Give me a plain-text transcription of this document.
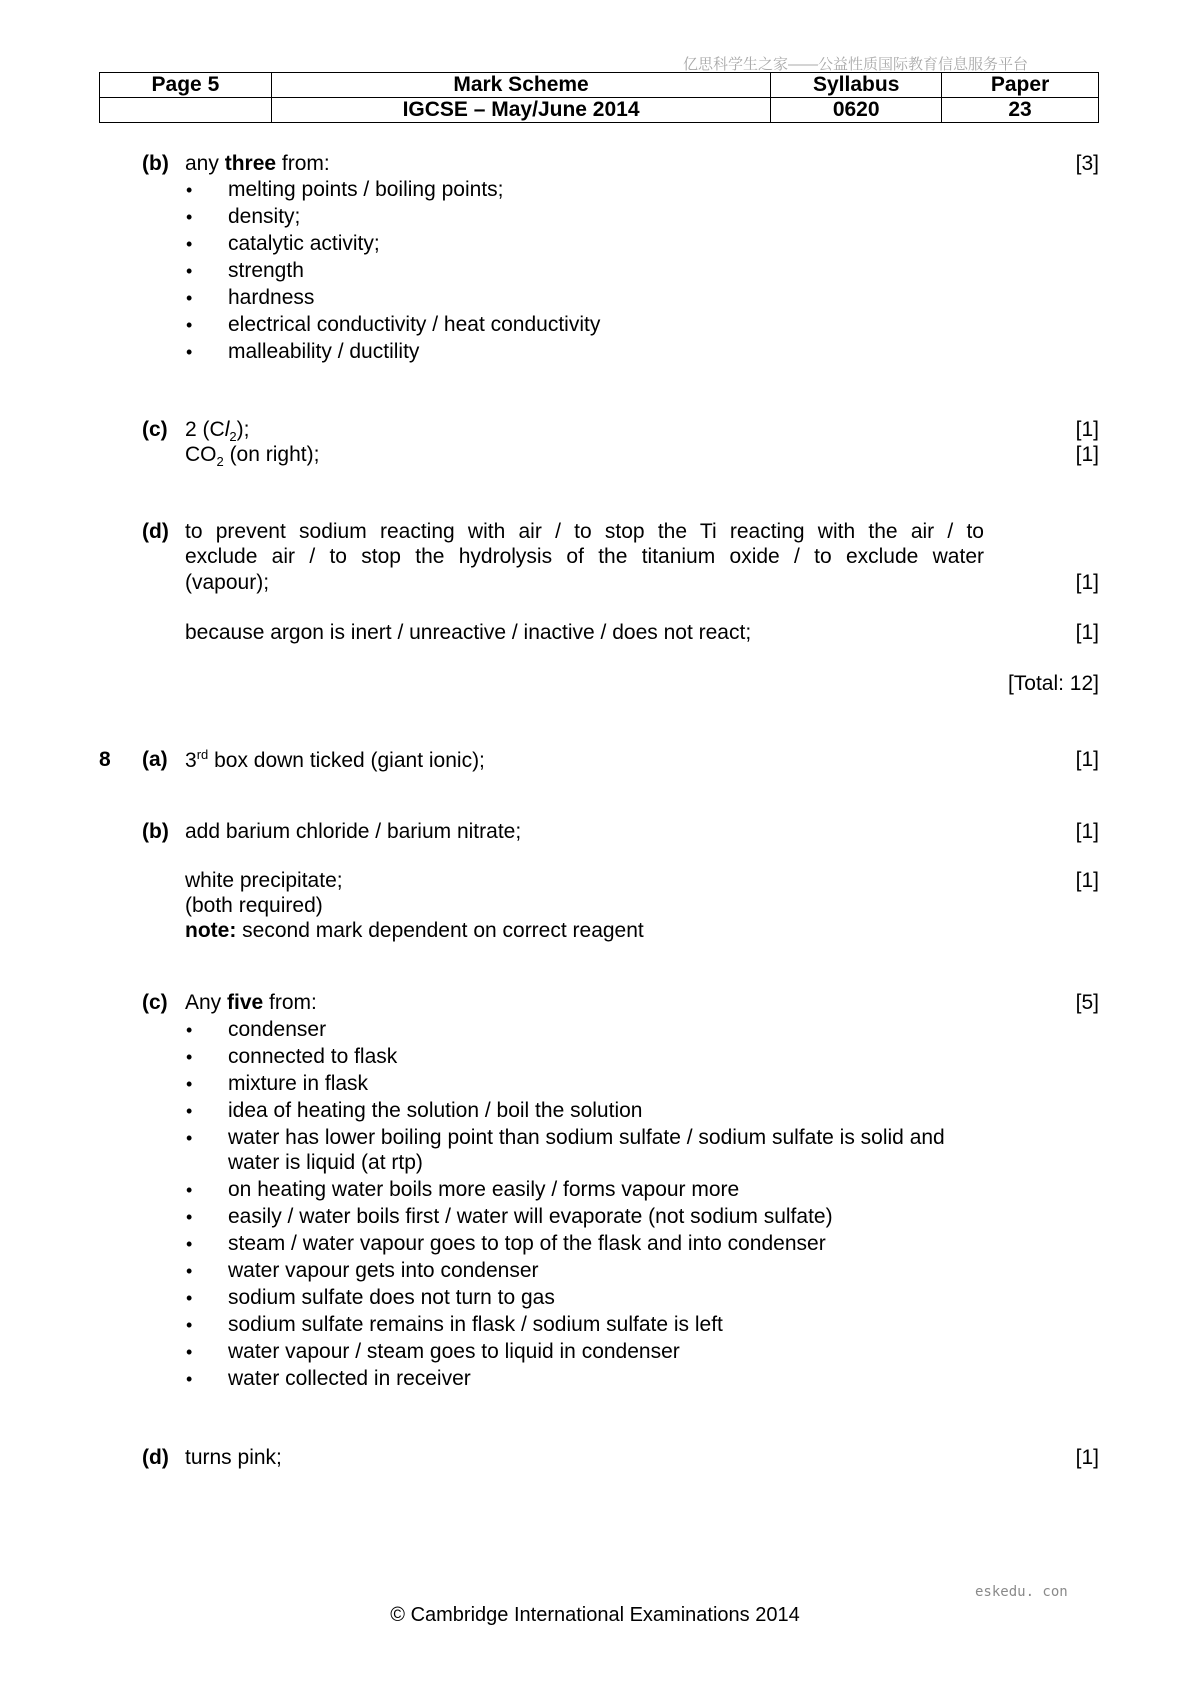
亿思科学生之家——公益性质国际教育信息服务平台
Page 5	Mark Scheme	Syllabus	Paper
	IGCSE – May/June 2014	0620	23
(b) any three from:	[3]
• melting points / boiling points;
• density;
• catalytic activity;
• strength
• hardness
• electrical conductivity / heat conductivity
• malleability / ductility
(c) 2 $(Cl_2)$;	[1]
$CO_2$ (on right);	[1]
(d) to prevent sodium reacting with air / to stop the Ti reacting with the air / to
exclude air / to stop the hydrolysis of the titanium oxide / to exclude water
(vapour);	[1]
because argon is inert / unreactive / inactive / does not react;	[1]
[Total: 12]
8 (a) 3rd box down ticked (giant ionic);	[1]
(b) add barium chloride / barium nitrate;	[1]
white precipitate;	[1]
(both required)
note: second mark dependent on correct reagent
(c) Any five from:	[5]
• condenser
• connected to flask
• mixture in flask
• idea of heating the solution / boil the solution
• water has lower boiling point than sodium sulfate / sodium sulfate is solid and
water is liquid (at rtp)
• on heating water boils more easily / forms vapour more
• easily / water boils first / water will evaporate (not sodium sulfate)
• steam / water vapour goes to top of the flask and into condenser
• water vapour gets into condenser
• sodium sulfate does not turn to gas
• sodium sulfate remains in flask / sodium sulfate is left
• water vapour / steam goes to liquid in condenser
• water collected in receiver
(d) turns pink;	[1]
eskedu. con
© Cambridge International Examinations 2014
